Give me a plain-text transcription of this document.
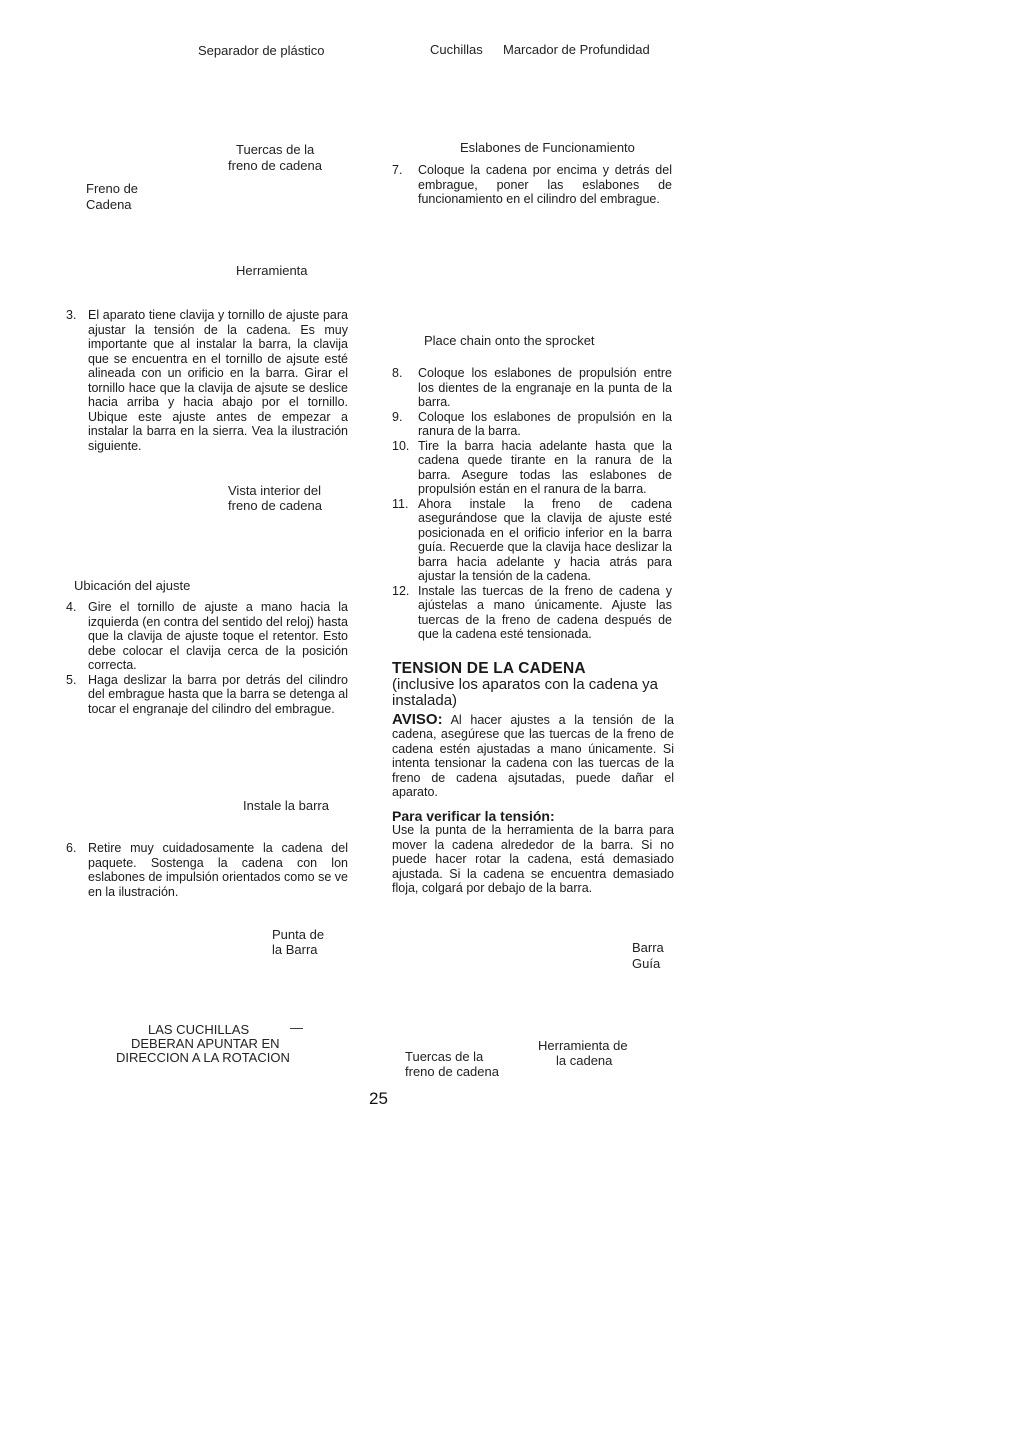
Separador de plástico
Tuercas de la
freno de cadena
Freno de
Cadena
Herramienta
3. El aparato tiene clavija y tornillo de ajuste para ajustar la tensión de la cadena. Es muy importante que al instalar la barra, la clavija que se encuentra en el tornillo de ajsute esté alineada con un orificio en la barra. Girar el tornillo hace que la clavija de ajsute se deslice hacia arriba y hacia abajo por el tornillo. Ubique este ajuste antes de empezar a instalar la barra en la sierra. Vea la ilustración siguiente.
Vista interior del
freno de cadena
Ubicación del ajuste
4. Gire el tornillo de ajuste a mano hacia la izquierda (en contra del sentido del reloj) hasta que la clavija de ajuste toque el retentor. Esto debe colocar el clavija cerca de la posición correcta.
5. Haga deslizar la barra por detrás del cilindro del embrague hasta que la barra se detenga al tocar el engranaje del cilindro del embrague.
Instale la barra
6. Retire muy cuidadosamente la cadena del paquete. Sostenga la cadena con lon eslabones de impulsión orientados como se ve en la ilustración.
Punta de
la Barra
LAS CUCHILLAS	—
DEBERAN APUNTAR EN
DIRECCION A LA ROTACION
Cuchillas Marcador de Profundidad
Eslabones de Funcionamiento
7.	Coloque la cadena por encima y detrás del embrague, poner las eslabones de funcionamiento en el cilindro del embrague.
Place chain onto the sprocket
8.	Coloque los eslabones de propulsión entre los dientes de la engranaje en la punta de la barra.
9.	Coloque los eslabones de propulsión en la ranura de la barra.
10. Tire la barra hacia adelante hasta que la cadena quede tirante en la ranura de la barra. Asegure todas las eslabones de propulsión están en el ranura de la barra.
11. Ahora instale la freno de cadena asegurándose que la clavija de ajuste esté posicionada en el orificio inferior en la barra guía. Recuerde que la clavija hace deslizar la barra hacia adelante y hacia atrás para ajustar la tensión de la cadena.
12. Instale las tuercas de la freno de cadena y ajústelas a mano únicamente. Ajuste las tuercas de la freno de cadena después de que la cadena esté tensionada.
TENSION DE LA CADENA
(inclusive los aparatos con la cadena ya instalada)
AVISO: Al hacer ajustes a la tensión de la cadena, asegúrese que las tuercas de la freno de cadena estén ajustadas a mano únicamente. Si intenta tensionar la cadena con las tuercas de la freno de cadena ajsutadas, puede dañar el aparato.
Para verificar la tensión:
Use la punta de la herramienta de la barra para mover la cadena alrededor de la barra. Si no puede hacer rotar la cadena, está demasiado ajustada. Si la cadena se encuentra demasiado floja, colgará por debajo de la barra.
Barra
Guía
Herramienta de
la cadena
Tuercas de la
freno de cadena
25
